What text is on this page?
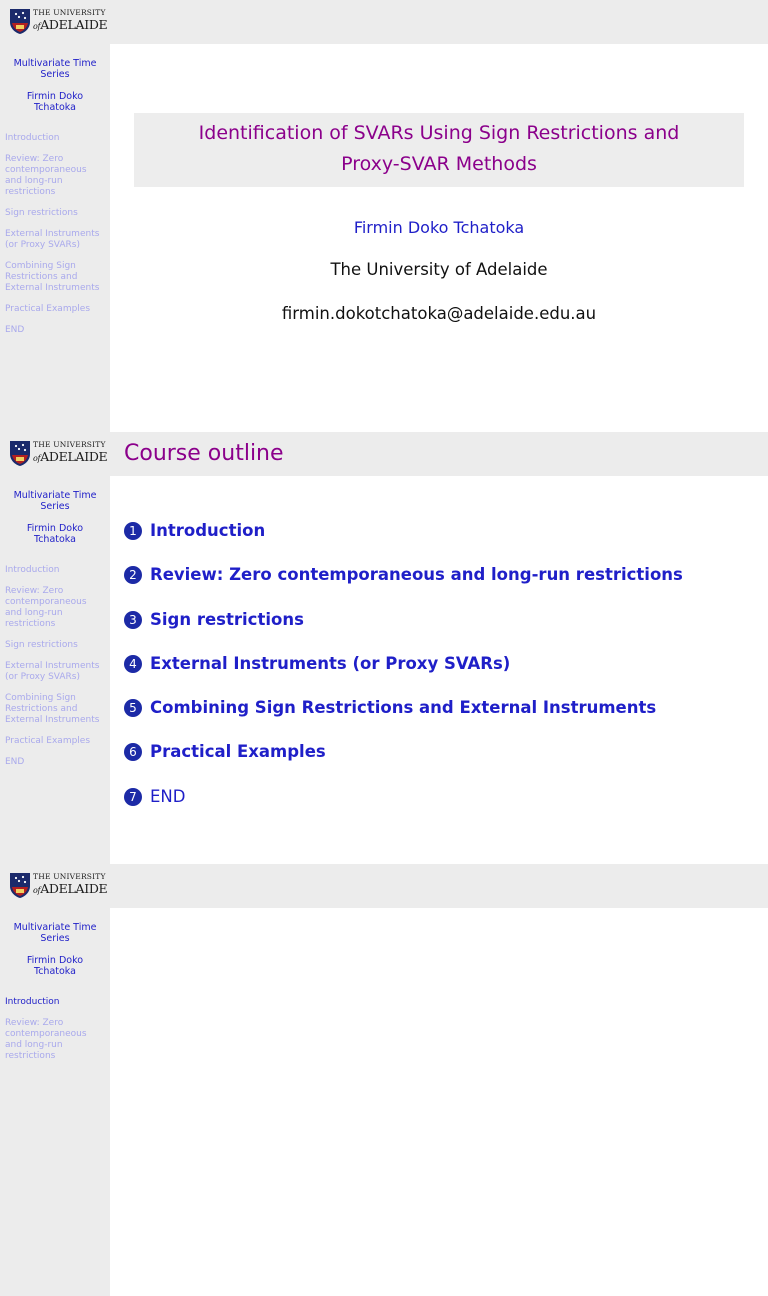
THE UNIVERSITY
ofADELAIDE
Multivariate Time
Series
Firmin Doko
Tchatoka
Introduction
Review: Zero
contemporaneous
and long-run
restrictions
Sign restrictions
External Instruments
(or Proxy SVARs)
Combining Sign
Restrictions and
External Instruments
Practical Examples
END
Identification of SVARs Using Sign Restrictions and
Proxy-SVAR Methods
Firmin Doko Tchatoka
The University of Adelaide
firmin.dokotchatoka@adelaide.edu.au
THE UNIVERSITY
ofADELAIDE
Multivariate Time
Series
Firmin Doko
Tchatoka
Introduction
Review: Zero
contemporaneous
and long-run
restrictions
Sign restrictions
External Instruments
(or Proxy SVARs)
Combining Sign
Restrictions and
External Instruments
Practical Examples
END
Course outline
1 Introduction
2 Review: Zero contemporaneous and long-run restrictions
3 Sign restrictions
4 External Instruments (or Proxy SVARs)
5 Combining Sign Restrictions and External Instruments
6 Practical Examples
7 END
THE UNIVERSITY
ofADELAIDE
Multivariate Time
Series
Firmin Doko
Tchatoka
Introduction
Review: Zero
contemporaneous
and long-run
restrictions
